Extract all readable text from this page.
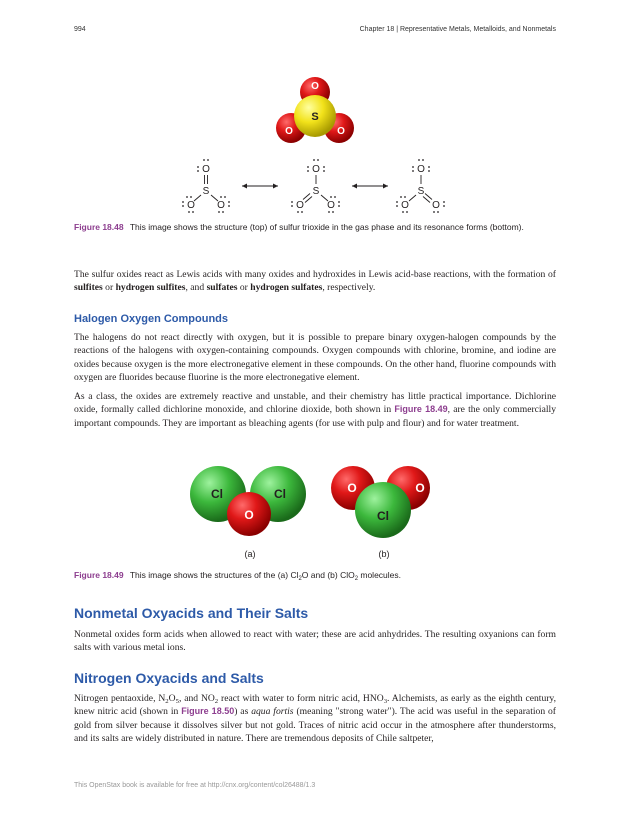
994	Chapter 18 | Representative Metals, Metalloids, and Nonmetals
O
S
O	O
O
S
O O
O
S
O O
O
S
O O
Figure 18.48 This image shows the structure (top) of sulfur trioxide in the gas phase and its resonance forms (bottom).

The sulfur oxides react as Lewis acids with many oxides and hydroxides in Lewis acid-base reactions, with the formation of sulfites or hydrogen sulfites, and sulfates or hydrogen sulfates, respectively.

Halogen Oxygen Compounds

The halogens do not react directly with oxygen, but it is possible to prepare binary oxygen-halogen compounds by the reactions of the halogens with oxygen-containing compounds. Oxygen compounds with chlorine, bromine, and iodine are oxides because oxygen is the more electronegative element in these compounds. On the other hand, fluorine compounds with oxygen are fluorides because fluorine is the more electronegative element.

As a class, the oxides are extremely reactive and unstable, and their chemistry has little practical importance. Dichlorine oxide, formally called dichlorine monoxide, and chlorine dioxide, both shown in Figure 18.49, are the only commercially important compounds. They are important as bleaching agents (for use with pulp and flour) and for water treatment.

Cl	Cl
O
O	O
Cl
(a)	(b)
Figure 18.49 This image shows the structures of the (a) $Cl_2O$ and (b) ClO$_2$ molecules.
Nonmetal Oxyacids and Their Salts

Nonmetal oxides form acids when allowed to react with water; these are acid anhydrides. The resulting oxyanions can form salts with various metal ions.

Nitrogen Oxyacids and Salts

Nitrogen pentaoxide, $N_2O_5$, and $NO_2$ react with water to form nitric acid, $HNO_3$. Alchemists, as early as the eighth century, knew nitric acid (shown in Figure 18.50) as aqua fortis (meaning "strong water"). The acid was useful in the separation of gold from silver because it dissolves silver but not gold. Traces of nitric acid occur in the atmosphere after thunderstorms, and its salts are widely distributed in nature. There are tremendous deposits of Chile saltpeter,

This OpenStax book is available for free at http://cnx.org/content/col26488/1.3
